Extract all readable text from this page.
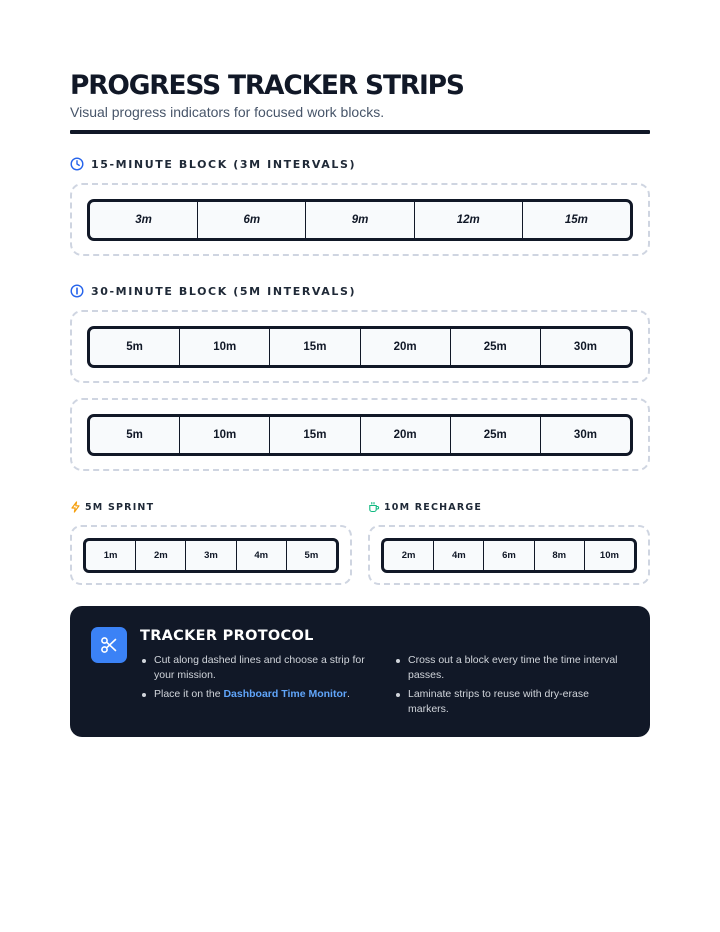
PROGRESS TRACKER STRIPS
Visual progress indicators for focused work blocks.
15-MINUTE BLOCK (3M INTERVALS)
3m	6m	9m	12m	15m
30-MINUTE BLOCK (5M INTERVALS)
5m	10m	15m	20m	25m	30m
5m	10m	15m	20m	25m	30m
5M SPRINT
1m	2m	3m	4m	5m
10M RECHARGE
2m	4m	6m	8m	10m
TRACKER PROTOCOL
Cut along dashed lines and choose a strip for your mission.
Place it on the Dashboard Time Monitor.
Cross out a block every time the time interval passes.
Laminate strips to reuse with dry-erase markers.
